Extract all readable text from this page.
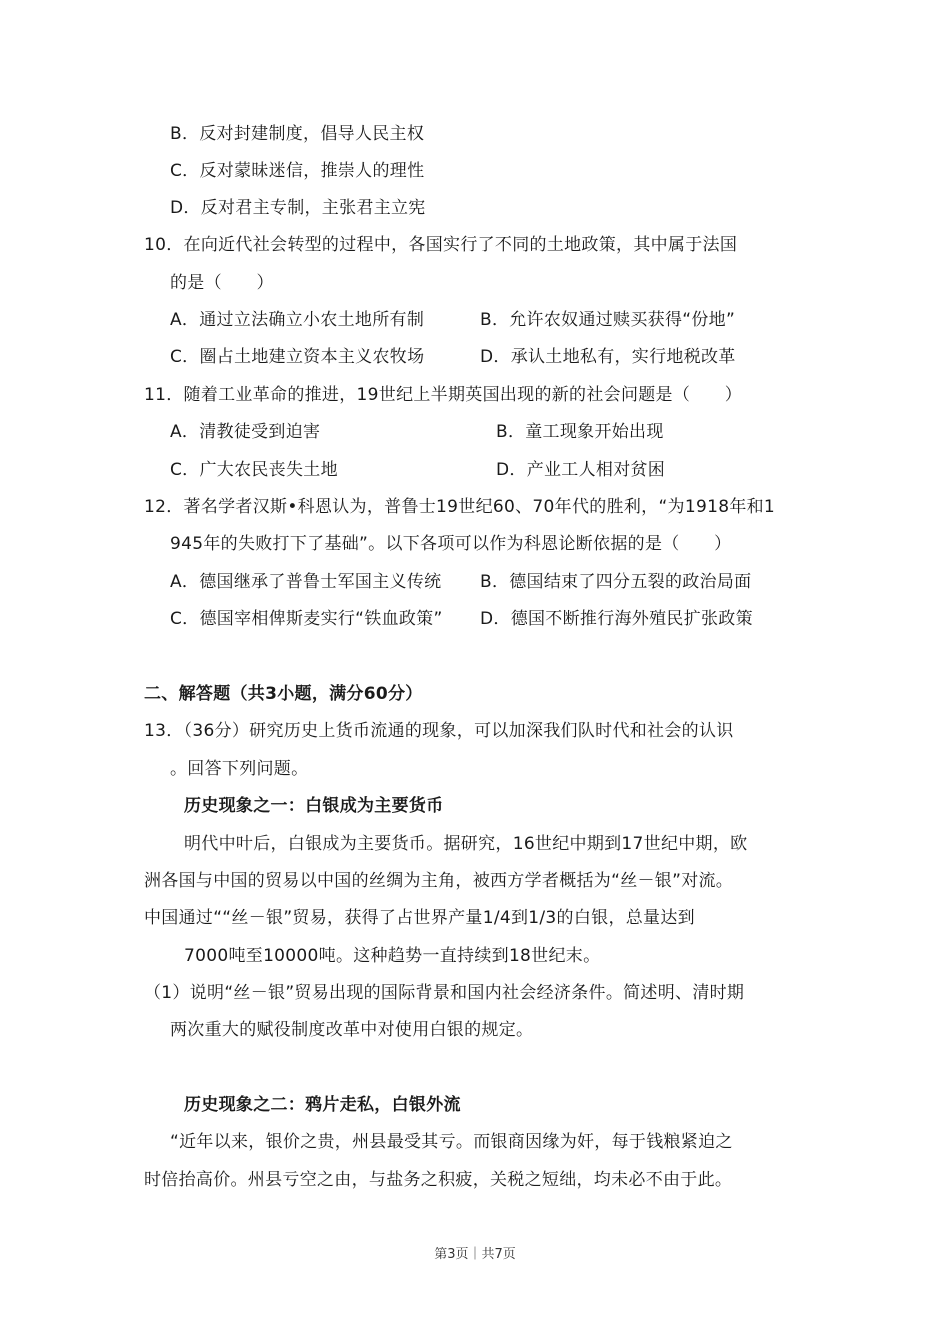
B．反对封建制度，倡导人民主权
C．反对蒙昧迷信，推崇人的理性
D．反对君主专制，主张君主立宪
10．在向近代社会转型的过程中，各国实行了不同的土地政策，其中属于法国
的是（　　）
A．通过立法确立小农土地所有制	B．允许农奴通过赎买获得“份地”
C．圈占土地建立资本主义农牧场	D．承认土地私有，实行地税改革
11．随着工业革命的推进，19世纪上半期英国出现的新的社会问题是（　　）
A．清教徒受到迫害	B．童工现象开始出现
C．广大农民丧失土地	D．产业工人相对贫困
12．著名学者汉斯•科恩认为，普鲁士19世纪60、70年代的胜利，“为1918年和1
945年的失败打下了基础”。以下各项可以作为科恩论断依据的是（　　）
A．德国继承了普鲁士军国主义传统 B．德国结束了四分五裂的政治局面
C．德国宰相俾斯麦实行“铁血政策” D．德国不断推行海外殖民扩张政策
二、解答题（共3小题，满分60分）
13．（36分）研究历史上货币流通的现象，可以加深我们队时代和社会的认识
。回答下列问题。
历史现象之一：白银成为主要货币
明代中叶后，白银成为主要货币。据研究，16世纪中期到17世纪中期，欧
洲各国与中国的贸易以中国的丝绸为主角，被西方学者概括为“丝－银”对流。
中国通过““丝－银”贸易，获得了占世界产量1/4到1/3的白银，总量达到
7000吨至10000吨。这种趋势一直持续到18世纪末。
（1）说明“丝－银”贸易出现的国际背景和国内社会经济条件。简述明、清时期
两次重大的赋役制度改革中对使用白银的规定。
历史现象之二：鸦片走私，白银外流
“近年以来，银价之贵，州县最受其亏。而银商因缘为奸，每于钱粮紧迫之
时倍抬高价。州县亏空之由，与盐务之积疲，关税之短绌，均未必不由于此。
第3页｜共7页
